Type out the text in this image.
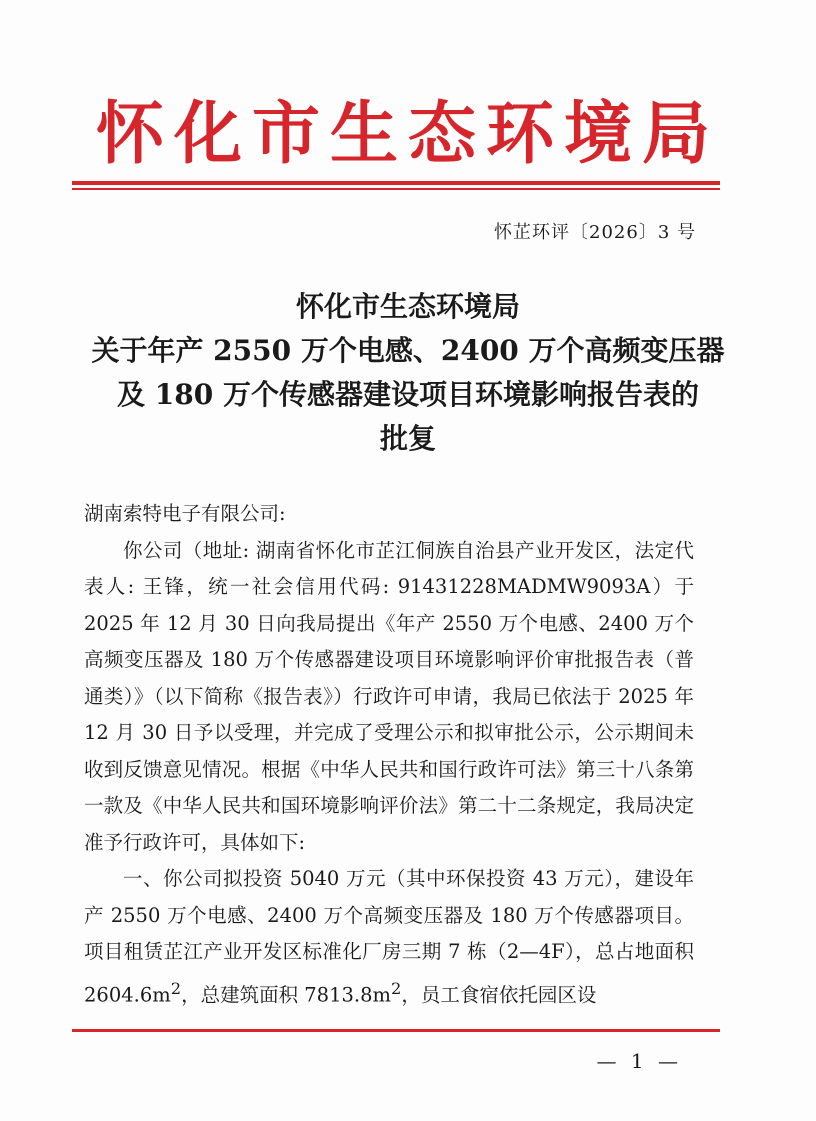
怀化市生态环境局
怀芷环评〔2026〕3 号
怀化市生态环境局
关于年产 2550 万个电感、2400 万个高频变压器
及 180 万个传感器建设项目环境影响报告表的
批复

湖南索特电子有限公司:

你公司（地址: 湖南省怀化市芷江侗族自治县产业开发区，法定代表人: 王锋，统一社会信用代码: 91431228MADMW9093A）于 2025 年 12 月 30 日向我局提出《年产 2550 万个电感、2400 万个高频变压器及 180 万个传感器建设项目环境影响评价审批报告表（普通类）》（以下简称《报告表》）行政许可申请，我局已依法于 2025 年 12 月 30 日予以受理，并完成了受理公示和拟审批公示，公示期间未收到反馈意见情况。根据《中华人民共和国行政许可法》第三十八条第一款及《中华人民共和国环境影响评价法》第二十二条规定，我局决定准予行政许可，具体如下:

一、你公司拟投资 5040 万元（其中环保投资 43 万元），建设年产 2550 万个电感、2400 万个高频变压器及 180 万个传感器项目。项目租赁芷江产业开发区标准化厂房三期 7 栋（2—4F），总占地面积 $2604.6m^2$，总建筑面积 $7813.8m^2$，员工食宿依托园区设

— 1 —
